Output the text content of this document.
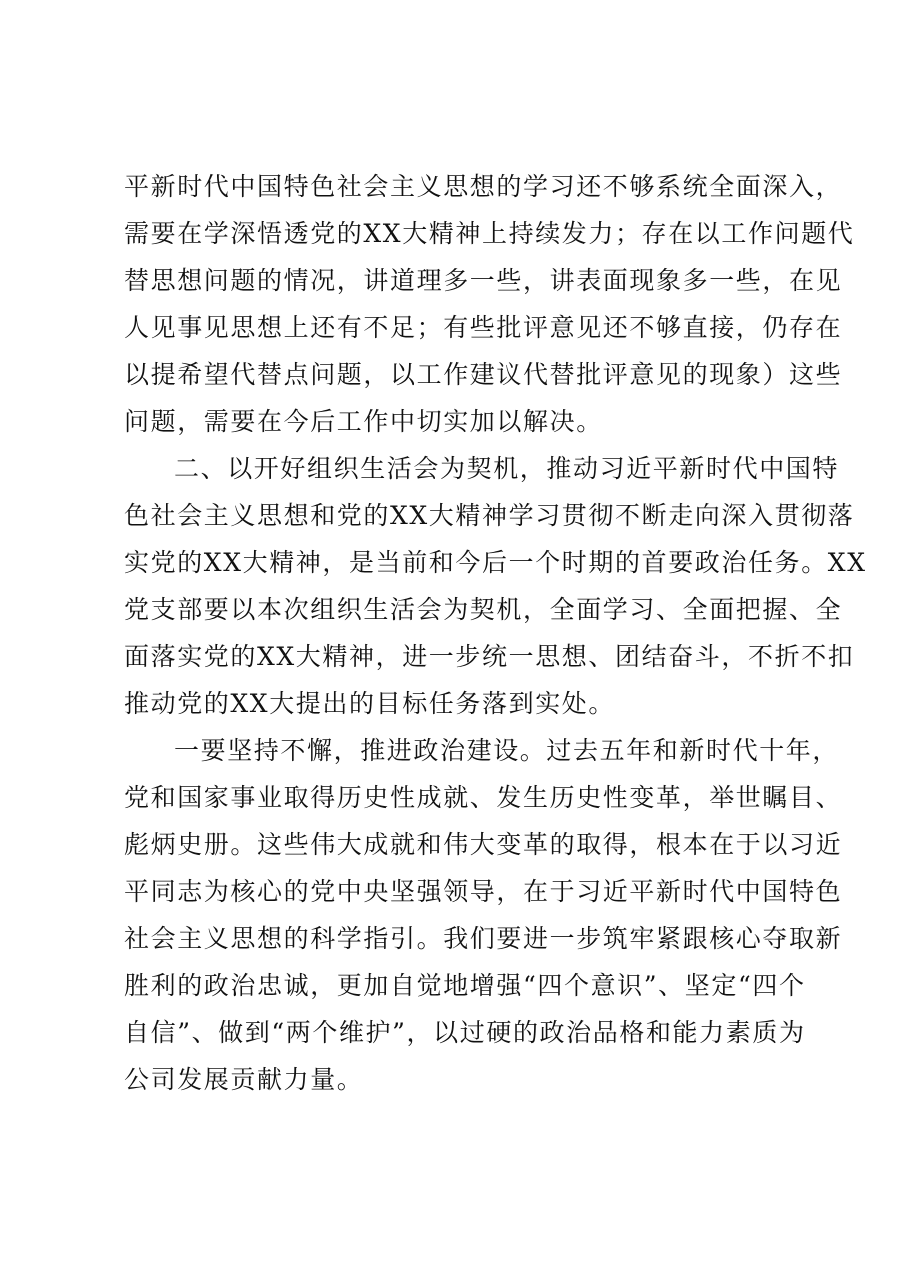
平新时代中国特色社会主义思想的学习还不够系统全面深入，
需要在学深悟透党的XX大精神上持续发力；存在以工作问题代
替思想问题的情况，讲道理多一些，讲表面现象多一些，在见
人见事见思想上还有不足；有些批评意见还不够直接，仍存在
以提希望代替点问题，以工作建议代替批评意见的现象）这些
问题，需要在今后工作中切实加以解决。
二、以开好组织生活会为契机，推动习近平新时代中国特
色社会主义思想和党的XX大精神学习贯彻不断走向深入贯彻落
实党的XX大精神，是当前和今后一个时期的首要政治任务。XX
党支部要以本次组织生活会为契机，全面学习、全面把握、全
面落实党的XX大精神，进一步统一思想、团结奋斗，不折不扣
推动党的XX大提出的目标任务落到实处。
一要坚持不懈，推进政治建设。过去五年和新时代十年，
党和国家事业取得历史性成就、发生历史性变革，举世瞩目、
彪炳史册。这些伟大成就和伟大变革的取得，根本在于以习近
平同志为核心的党中央坚强领导，在于习近平新时代中国特色
社会主义思想的科学指引。我们要进一步筑牢紧跟核心夺取新
胜利的政治忠诚，更加自觉地增强“四个意识”、坚定“四个
自信”、做到“两个维护”，以过硬的政治品格和能力素质为
公司发展贡献力量。
